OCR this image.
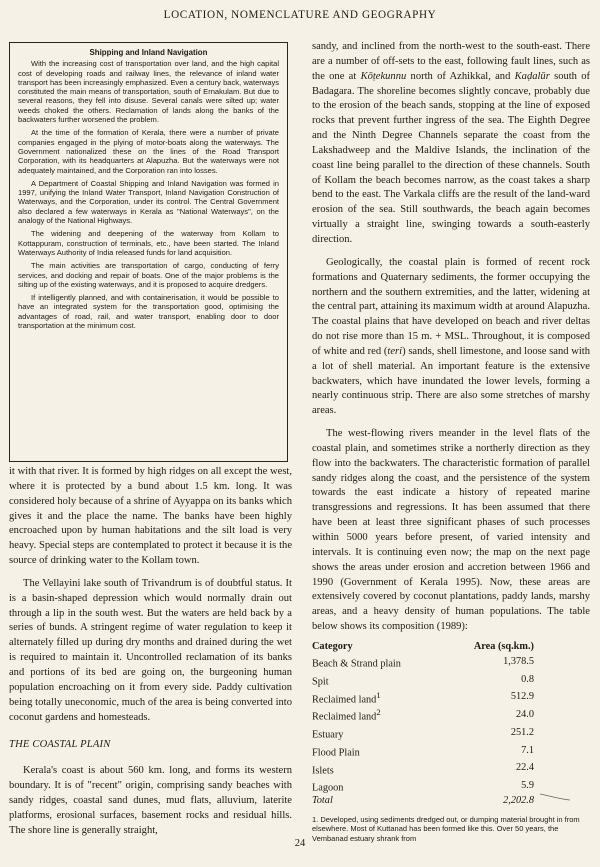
LOCATION, NOMENCLATURE AND GEOGRAPHY
Shipping and Inland Navigation

With the increasing cost of transportation over land, and the high capital cost of developing roads and railway lines, the relevance of inland water transport has been increasingly emphasized. Even a century back, waterways constituted the main means of transportation, south of Ernakulam. But due to several reasons, they fell into disuse. Several canals were silted up; water weeds choked the others. Reclamation of lands along the banks of the backwaters further worsened the problem.

At the time of the formation of Kerala, there were a number of private companies engaged in the plying of motor-boats along the waterways. The Government nationalized these on the lines of the Road Transport Corporation, with its headquarters at Alapuzha. But the waterways were not adequately maintained, and the Corporation ran into losses.

A Department of Coastal Shipping and Inland Navigation was formed in 1997, unifying the Inland Water Transport, Inland Navigation Construction of Waterways, and the Corporation, under its control. The Central Government also declared a few waterways in Kerala as "National Waterways", on the analogy of the National Highways.

The widening and deepening of the waterway from Kollam to Kottappuram, construction of terminals, etc., have been started. The Inland Waterways Authority of India released funds for land acquisition.

The main activities are transportation of cargo, conducting of ferry services, and docking and repair of boats. One of the major problems is the silting up of the existing waterways, and it is proposed to acquire dredgers.

If intelligently planned, and with containerisation, it would be possible to have an integrated system for the transportation good, optimising the advantages of road, rail, and water transport, enabling door to door transportation at the minimum cost.

it with that river. It is formed by high ridges on all except the west, where it is protected by a bund about 1.5 km. long. It was considered holy because of a shrine of Ayyappa on its banks which gives it and the place the name. The banks have been highly encroached upon by human habitations and the silt load is very heavy. Special steps are contemplated to protect it because it is the source of drinking water to the Kollam town.

The Vellayini lake south of Trivandrum is of doubtful status. It is a basin-shaped depression which would normally drain out through a lip in the south west. But the waters are held back by a series of bunds. A stringent regime of water regulation to keep it alternately filled up during dry months and drained during the wet is required to maintain it. Uncontrolled reclamation of its banks and portions of its bed are going on, the burgeoning human population encroaching on it from every side. Paddy cultivation being totally uneconomic, much of the area is being converted into coconut gardens and homesteads.

THE COASTAL PLAIN

Kerala's coast is about 560 km. long, and forms its western boundary. It is of "recent" origin, comprising sandy beaches with sandy ridges, coastal sand dunes, mud flats, alluvium, laterite platforms, erosional surfaces, basement rocks and residual hills. The shore line is generally straight,

sandy, and inclined from the north-west to the south-east. There are a number of off-sets to the east, following fault lines, such as the one at Kōṭekunnu north of Azhikkal, and Kaḍalūr south of Badagara. The shoreline becomes slightly concave, probably due to the erosion of the beach sands, stopping at the line of exposed rocks that prevent further ingress of the sea. The Eighth Degree and the Ninth Degree Channels separate the coast from the Lakshadweep and the Maldive Islands, the inclination of the coast line being parallel to the direction of these channels. South of Kollam the beach becomes narrow, as the coast takes a sharp bend to the east. The Varkala cliffs are the result of the land-ward erosion of the sea. Still southwards, the beach again becomes virtually a straight line, swinging towards a south-easterly direction.

Geologically, the coastal plain is formed of recent rock formations and Quaternary sediments, the former occupying the northern and the southern extremities, and the latter, widening at the central part, attaining its maximum width at around Alapuzha. The coastal plains that have developed on beach and river deltas do not rise more than 15 m. + MSL. Throughout, it is composed of white and red (teri) sands, shell limestone, and loose sand with a lot of shell material. An important feature is the extensive backwaters, which have inundated the lower levels, forming a nearly continuous strip. There are also some stretches of marshy areas.

The west-flowing rivers meander in the level flats of the coastal plain, and sometimes strike a northerly direction as they flow into the backwaters. The characteristic formation of parallel sandy ridges along the coast, and the persistence of the system towards the east indicate a history of repeated marine transgressions and regressions. It has been assumed that there have been at least three significant phases of such processes within 5000 years before present, of varied intensity and intervals. It is continuing even now; the map on the next page shows the areas under erosion and accretion between 1966 and 1990 (Government of Kerala 1995). Now, these areas are extensively covered by coconut plantations, paddy lands, marshy areas, and a heavy density of human populations. The table below shows its composition (1989):

Category	Area (sq.km.)
Beach & Strand plain	1,378.5
Spit	0.8
Reclaimed land$^1$	512.9
Reclaimed land$^2$	24.0
Estuary	251.2
Flood Plain	7.1
Islets	22.4
Lagoon	5.9
Total	2,202.8

1. Developed, using sediments dredged out, or dumping material brought in from elsewhere. Most of Kuttanad has been formed like this. Over 50 years, the Vembanad estuary shrank from

24
